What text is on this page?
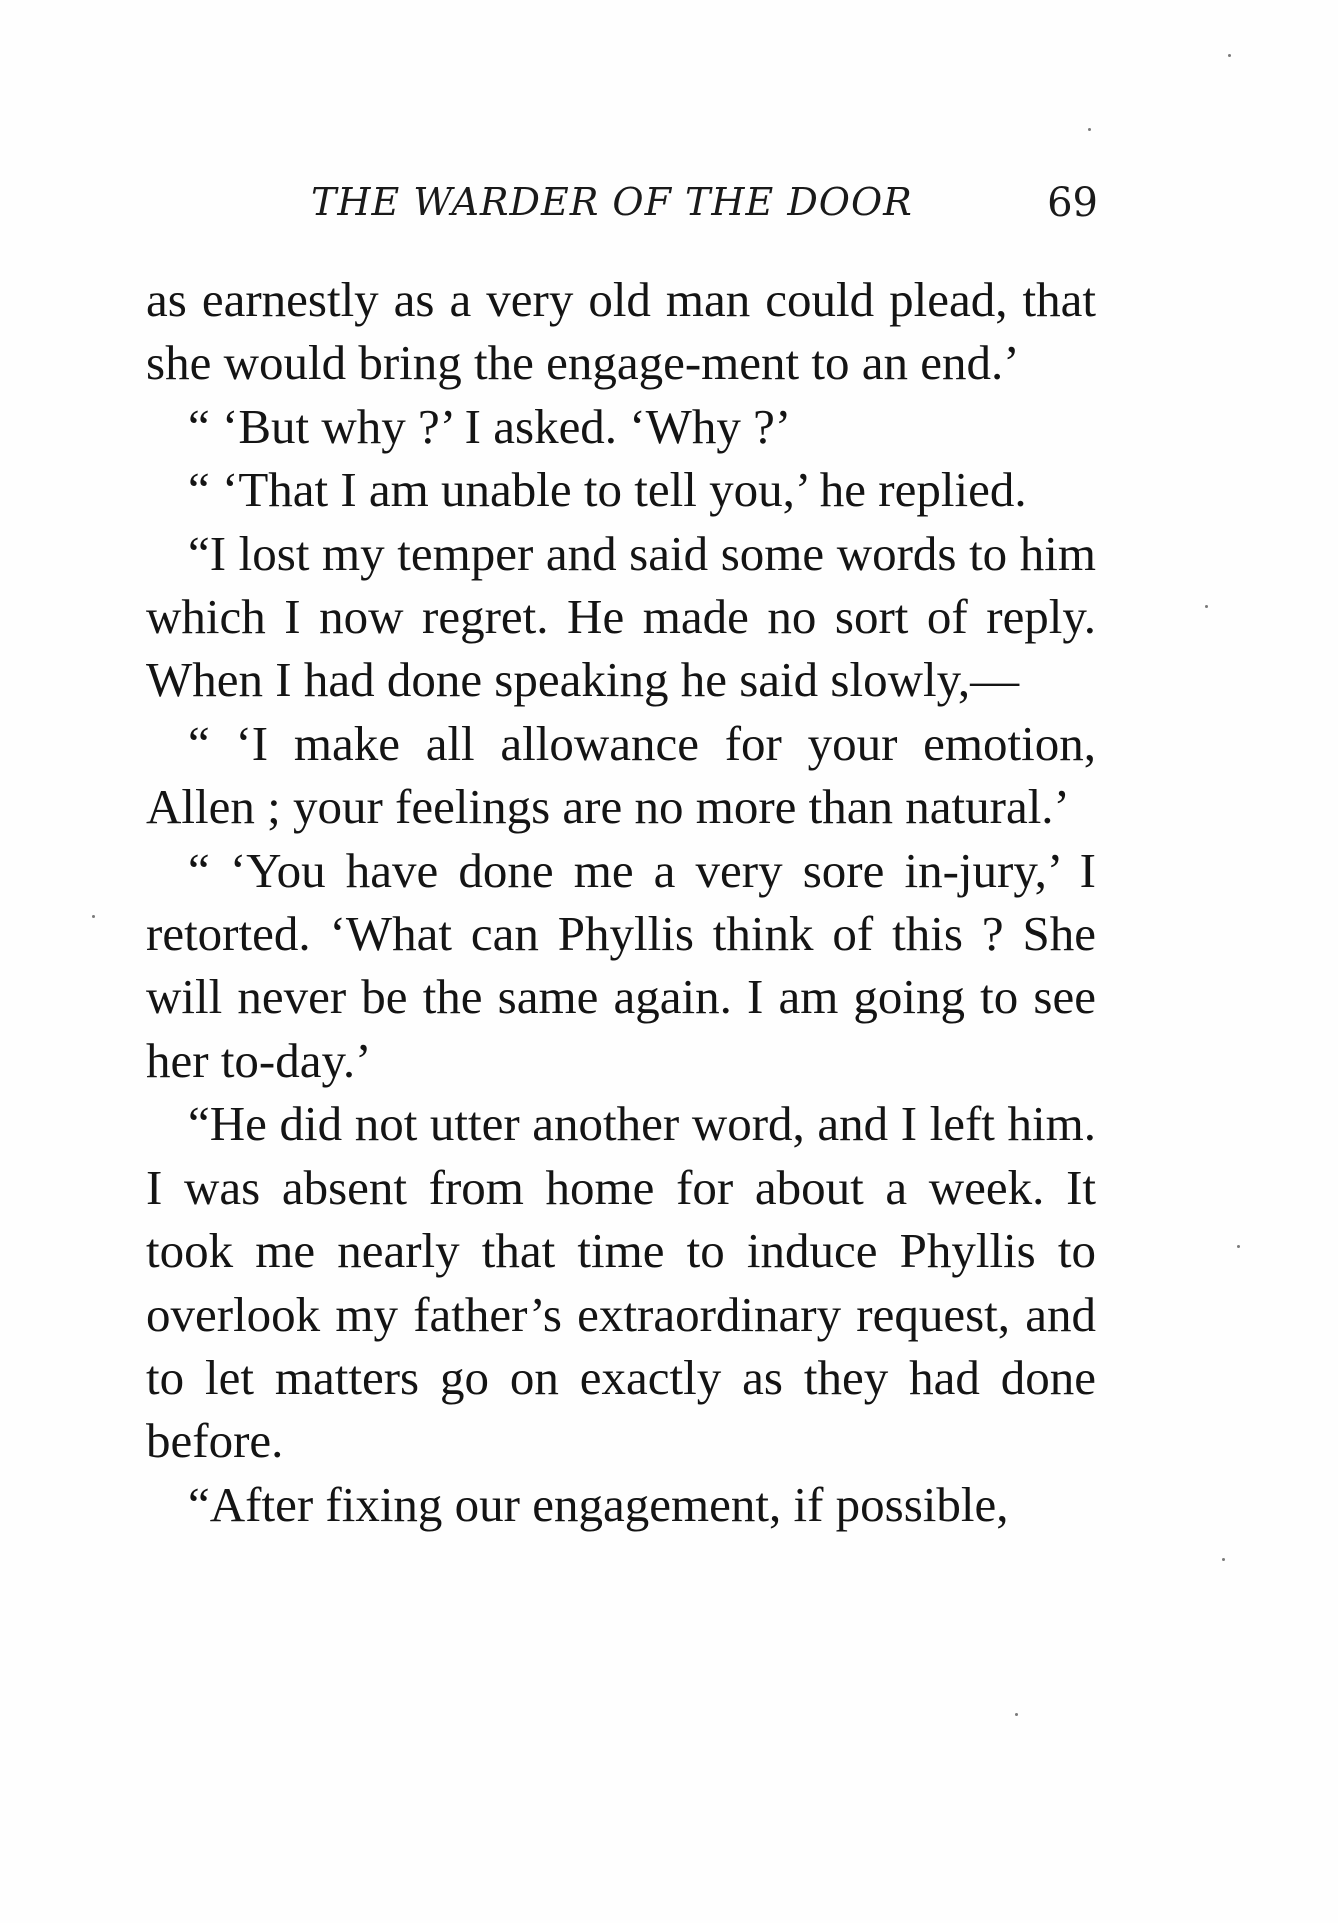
THE WARDER OF THE DOOR	69

as earnestly as a very old man could plead, that she would bring the engage-ment to an end.’

“ ‘But why ?’ I asked. ‘Why ?’

“ ‘That I am unable to tell you,’ he replied.

“I lost my temper and said some words to him which I now regret. He made no sort of reply. When I had done speaking he said slowly,—

“ ‘I make all allowance for your emotion, Allen ; your feelings are no more than natural.’

“ ‘You have done me a very sore in-jury,’ I retorted. ‘What can Phyllis think of this ? She will never be the same again. I am going to see her to-day.’

“He did not utter another word, and I left him. I was absent from home for about a week. It took me nearly that time to induce Phyllis to overlook my father’s extraordinary request, and to let matters go on exactly as they had done before.

“After fixing our engagement, if possible,
